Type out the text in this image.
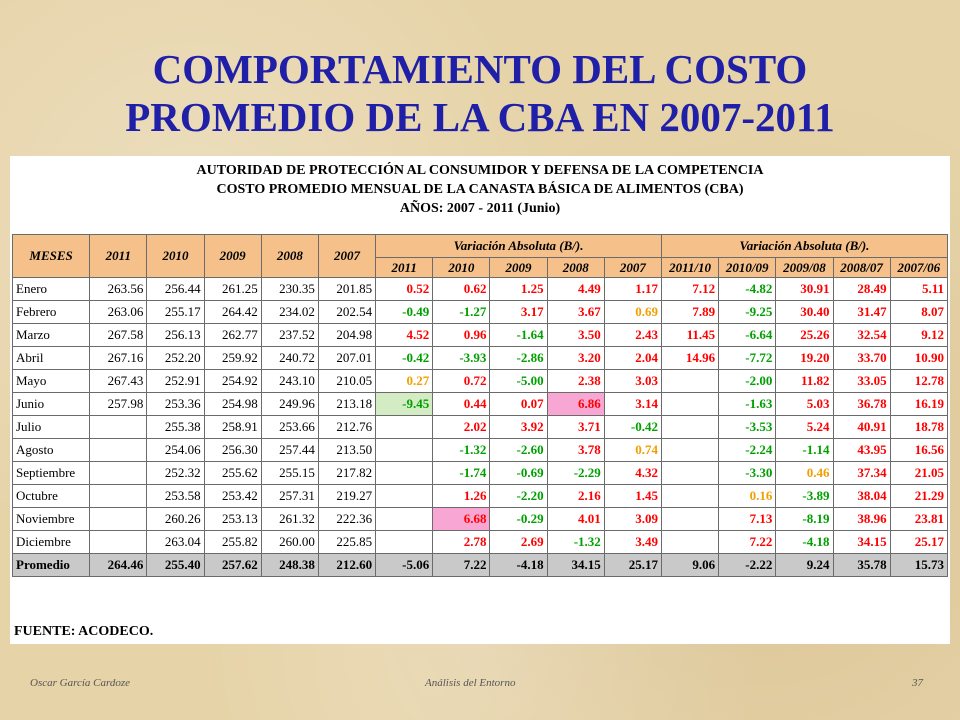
COMPORTAMIENTO DEL COSTO
PROMEDIO DE LA CBA EN 2007-2011
AUTORIDAD DE PROTECCIÓN AL CONSUMIDOR Y DEFENSA DE LA COMPETENCIA
COSTO PROMEDIO MENSUAL DE LA CANASTA BÁSICA DE ALIMENTOS (CBA)
AÑOS: 2007 - 2011 (Junio)
MESES	2011	2010	2009	2008	2007	Variación Absoluta (B/).					Variación Absoluta (B/).				
						2011	2010	2009	2008	2007	2011/10	2010/09	2009/08	2008/07	2007/06
Enero	263.56	256.44	261.25	230.35	201.85	0.52	0.62	1.25	4.49	1.17	7.12	-4.82	30.91	28.49	5.11
Febrero	263.06	255.17	264.42	234.02	202.54	-0.49	-1.27	3.17	3.67	0.69	7.89	-9.25	30.40	31.47	8.07
Marzo	267.58	256.13	262.77	237.52	204.98	4.52	0.96	-1.64	3.50	2.43	11.45	-6.64	25.26	32.54	9.12
Abril	267.16	252.20	259.92	240.72	207.01	-0.42	-3.93	-2.86	3.20	2.04	14.96	-7.72	19.20	33.70	10.90
Mayo	267.43	252.91	254.92	243.10	210.05	0.27	0.72	-5.00	2.38	3.03		-2.00	11.82	33.05	12.78
Junio	257.98	253.36	254.98	249.96	213.18	-9.45	0.44	0.07	6.86	3.14		-1.63	5.03	36.78	16.19
Julio		255.38	258.91	253.66	212.76		2.02	3.92	3.71	-0.42		-3.53	5.24	40.91	18.78
Agosto		254.06	256.30	257.44	213.50		-1.32	-2.60	3.78	0.74		-2.24	-1.14	43.95	16.56
Septiembre		252.32	255.62	255.15	217.82		-1.74	-0.69	-2.29	4.32		-3.30	0.46	37.34	21.05
Octubre		253.58	253.42	257.31	219.27		1.26	-2.20	2.16	1.45		0.16	-3.89	38.04	21.29
Noviembre		260.26	253.13	261.32	222.36		6.68	-0.29	4.01	3.09		7.13	-8.19	38.96	23.81
Diciembre		263.04	255.82	260.00	225.85		2.78	2.69	-1.32	3.49		7.22	-4.18	34.15	25.17
Promedio	264.46	255.40	257.62	248.38	212.60	-5.06	7.22	-4.18	34.15	25.17	9.06	-2.22	9.24	35.78	15.73
FUENTE: ACODECO.
Oscar García Cardoze	Análisis del Entorno	37
